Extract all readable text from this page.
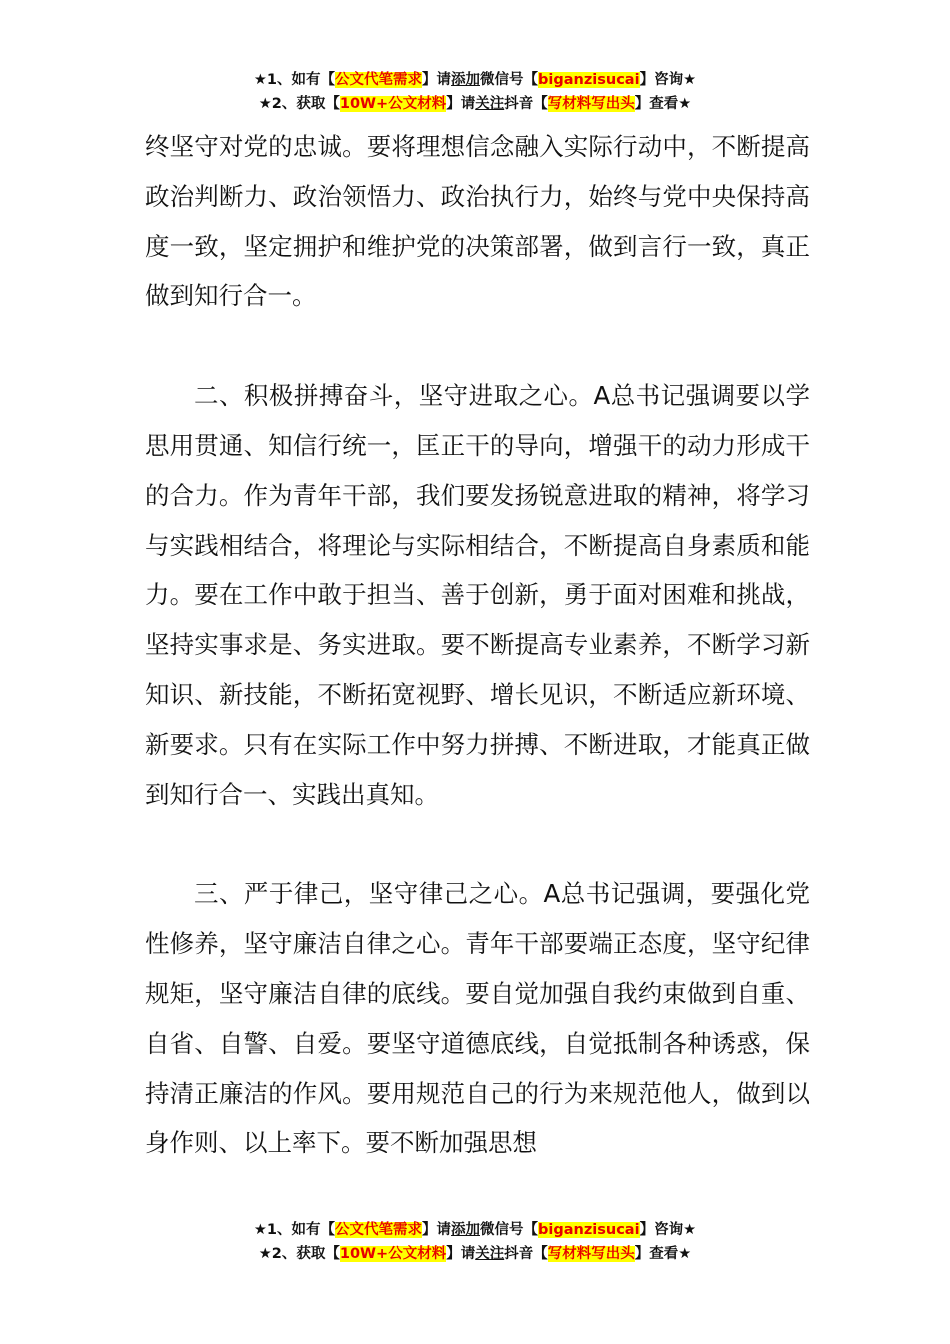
★1、如有【公文代笔需求】请添加微信号【biganzisucai】咨询★
★2、获取【10W+公文材料】请关注抖音【写材料写出头】查看★

终坚守对党的忠诚。要将理想信念融入实际行动中，不断提高政治判断力、政治领悟力、政治执行力，始终与党中央保持高度一致，坚定拥护和维护党的决策部署，做到言行一致，真正做到知行合一。

二、积极拼搏奋斗，坚守进取之心。A总书记强调要以学思用贯通、知信行统一，匡正干的导向，增强干的动力形成干的合力。作为青年干部，我们要发扬锐意进取的精神，将学习与实践相结合，将理论与实际相结合，不断提高自身素质和能力。要在工作中敢于担当、善于创新，勇于面对困难和挑战，坚持实事求是、务实进取。要不断提高专业素养，不断学习新知识、新技能，不断拓宽视野、增长见识，不断适应新环境、新要求。只有在实际工作中努力拼搏、不断进取，才能真正做到知行合一、实践出真知。

三、严于律己，坚守律己之心。A总书记强调，要强化党性修养，坚守廉洁自律之心。青年干部要端正态度，坚守纪律规矩，坚守廉洁自律的底线。要自觉加强自我约束做到自重、自省、自警、自爱。要坚守道德底线，自觉抵制各种诱惑，保持清正廉洁的作风。要用规范自己的行为来规范他人，做到以身作则、以上率下。要不断加强思想

★1、如有【公文代笔需求】请添加微信号【biganzisucai】咨询★
★2、获取【10W+公文材料】请关注抖音【写材料写出头】查看★
